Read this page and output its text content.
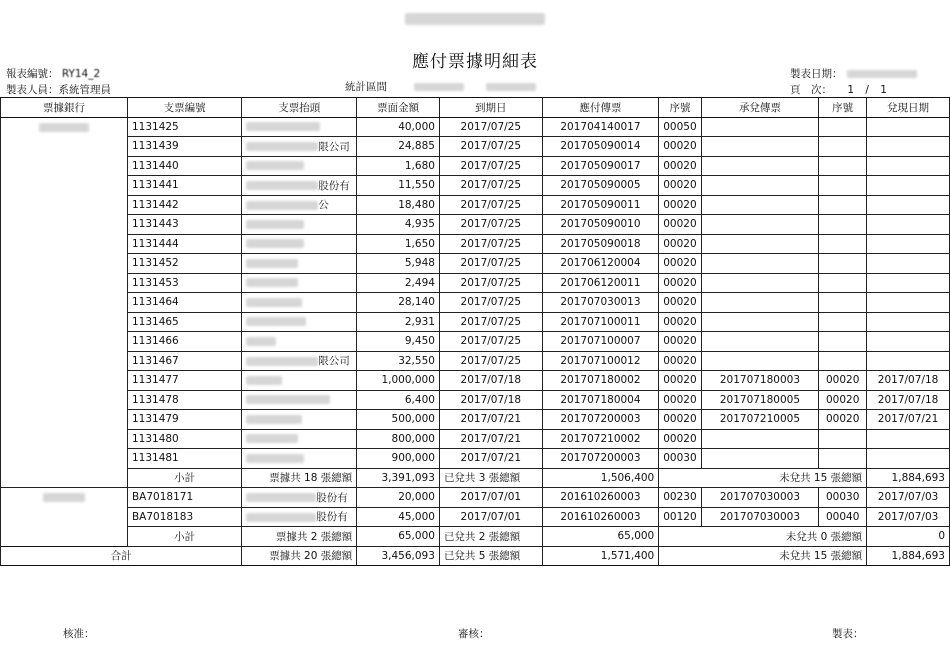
應付票據明細表
報表編號： RY14_2
製表人員：系統管理員	統計區間
製表日期：
頁　次： 1 / 1
票據銀行	支票編號	支票抬頭	票面金額	到期日	應付傳票	序號	承兌傳票	序號	兌現日期
	1131425		40,000	2017/07/25	201704140017	00050			
	1131439	限公司	24,885	2017/07/25	201705090014	00020			
	1131440		1,680	2017/07/25	201705090017	00020			
	1131441	股份有	11,550	2017/07/25	201705090005	00020			
	1131442	公	18,480	2017/07/25	201705090011	00020			
	1131443		4,935	2017/07/25	201705090010	00020			
	1131444		1,650	2017/07/25	201705090018	00020			
	1131452		5,948	2017/07/25	201706120004	00020			
	1131453		2,494	2017/07/25	201706120011	00020			
	1131464		28,140	2017/07/25	201707030013	00020			
	1131465		2,931	2017/07/25	201707100011	00020			
	1131466		9,450	2017/07/25	201707100007	00020			
	1131467	限公司	32,550	2017/07/25	201707100012	00020			
	1131477		1,000,000	2017/07/18	201707180002	00020	201707180003	00020	2017/07/18
	1131478		6,400	2017/07/18	201707180004	00020	201707180005	00020	2017/07/18
	1131479		500,000	2017/07/21	201707200003	00020	201707210005	00020	2017/07/21
	1131480		800,000	2017/07/21	201707210002	00020			
	1131481		900,000	2017/07/21	201707200003	00030			
	小計	票據共 18 張總額	3,391,093	已兌共 3 張總額	1,506,400	未兌共 15 張總額			1,884,693
	BA7018171	股份有	20,000	2017/07/01	201610260003	00230	201707030003	00030	2017/07/03
	BA7018183	股份有	45,000	2017/07/01	201610260003	00120	201707030003	00040	2017/07/03
	小計	票據共 2 張總額	65,000	已兌共 2 張總額	65,000	未兌共 0 張總額			0
合計		票據共 20 張總額	3,456,093	已兌共 5 張總額	1,571,400	未兌共 15 張總額			1,884,693
核准：	審核：	製表：
